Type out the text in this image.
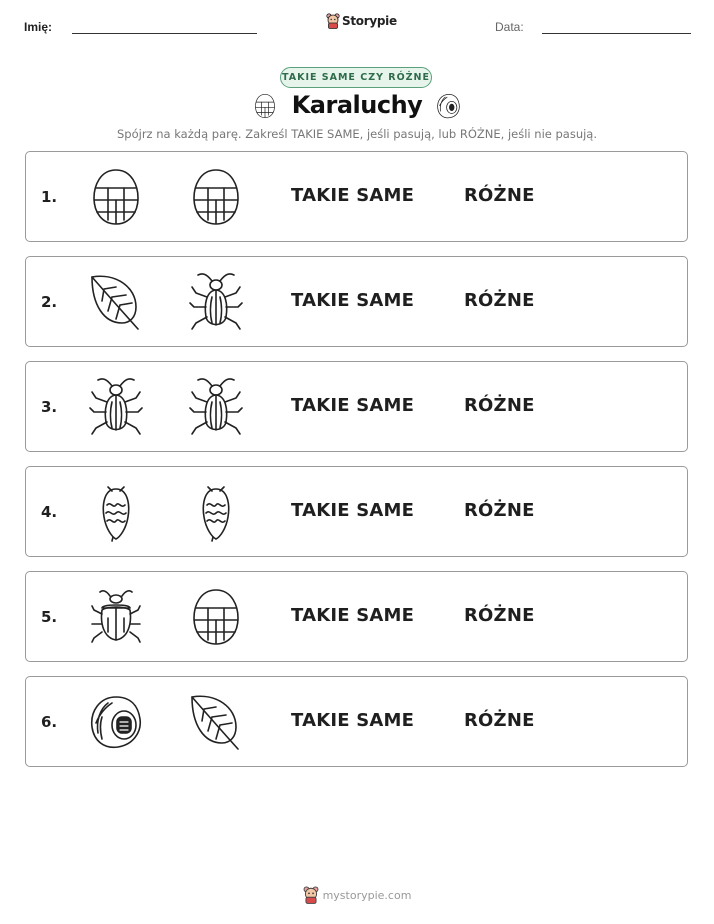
Imię:	Storypie	Data:
TAKIE SAME CZY RÓŻNE
Karaluchy
Spójrz na każdą parę. Zakreśl TAKIE SAME, jeśli pasują, lub RÓŻNE, jeśli nie pasują.
1.	TAKIE SAME	RÓŻNE
2.	TAKIE SAME	RÓŻNE
3.	TAKIE SAME	RÓŻNE
4.	TAKIE SAME	RÓŻNE
5.	TAKIE SAME	RÓŻNE
6.	TAKIE SAME	RÓŻNE
mystorypie.com
